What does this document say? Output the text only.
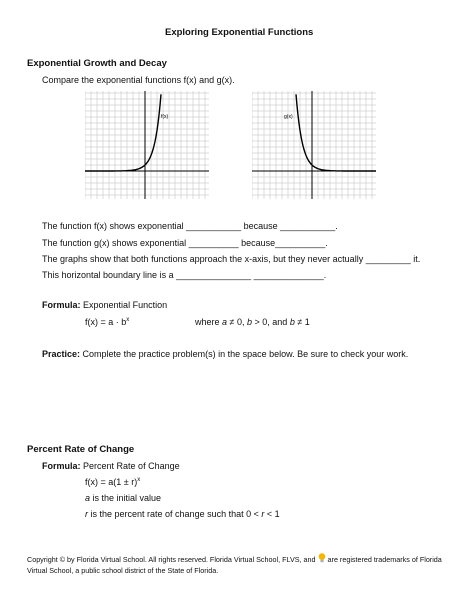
Exploring Exponential Functions
Exponential Growth and Decay
Compare the exponential functions f(x) and g(x).
f(x)	g(x)
The function f(x) shows exponential ___________ because ___________.
The function g(x) shows exponential __________ because__________.
The graphs show that both functions approach the x-axis, but they never actually _________ it.
This horizontal boundary line is a _______________ ______________.
Formula: Exponential Function
$f(x) = a \cdot b^x$	where a ≠ 0, b > 0, and b ≠ 1
Practice: Complete the practice problem(s) in the space below. Be sure to check your work.
Percent Rate of Change
Formula: Percent Rate of Change
$f(x) = a(1 \pm r)^x$
a is the initial value
r is the percent rate of change such that 0 < r < 1
Copyright © by Florida Virtual School. All rights reserved. Florida Virtual School, FLVS, and are registered trademarks of Florida Virtual School, a public school district of the State of Florida.
